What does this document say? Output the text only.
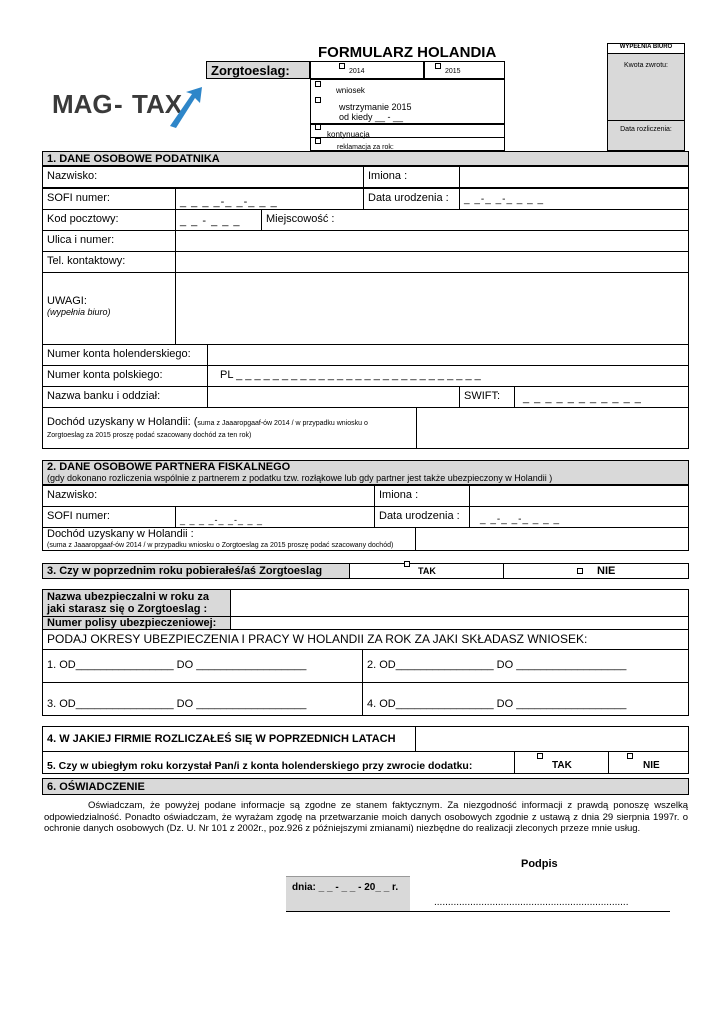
MAG - TAX
FORMULARZ HOLANDIA
Zorgtoeslag:	2014	2015
wniosek
wstrzymanie 2015
od kiedy __ - __
kontynuacja
reklamacja za rok:
WYPEŁNIA BIURO
Kwota zwrotu:
Data rozliczenia:
1. DANE OSOBOWE PODATNIKA
Nazwisko:	Imiona :
SOFI numer:	_ _ _ _-_ _-_ _ _	Data urodzenia :	_ _-_ _-_ _ _ _
Kod pocztowy:	_ _ - _ _ _	Miejscowość :
Ulica i numer:
Tel. kontaktowy:
UWAGI:
(wypełnia biuro)
Numer konta holenderskiego:
Numer konta polskiego:	PL _ _ _ _ _ _ _ _ _ _ _ _ _ _ _ _ _ _ _ _ _ _ _ _ _ _ _
Nazwa banku i oddział:	SWIFT:	_ _ _ _ _ _ _ _ _ _ _
Dochód uzyskany w Holandii: (suma z Jaaaropgaaf-ów 2014 / w przypadku wniosku o
Zorgtoeslag za 2015 proszę podać szacowany dochód za ten rok)
2. DANE OSOBOWE PARTNERA FISKALNEGO
(gdy dokonano rozliczenia wspólnie z partnerem z podatku tzw. rozłąkowe lub gdy partner jest także ubezpieczony w Holandii )
Nazwisko:	Imiona :
SOFI numer:	_ _ _ _-_ _-_ _ _	Data urodzenia :	_ _-_ _-_ _ _ _
Dochód uzyskany w Holandii :
(suma z Jaaaropgaaf-ów 2014 / w przypadku wniosku o Zorgtoeslag za 2015 proszę podać szacowany dochód)
3. Czy w poprzednim roku pobierałeś/aś Zorgtoeslag	TAK	NIE
Nazwa ubezpieczalni w roku za
jaki starasz się o Zorgtoeslag :
Numer polisy ubezpieczeniowej:
PODAJ OKRESY UBEZPIECZENIA I PRACY W HOLANDII ZA ROK ZA JAKI SKŁADASZ WNIOSEK:
1. OD________________ DO __________________	2. OD________________ DO __________________
3. OD________________ DO __________________	4. OD________________ DO __________________
4. W JAKIEJ FIRMIE ROZLICZAŁEŚ SIĘ W POPRZEDNICH LATACH
5. Czy w ubiegłym roku korzystał Pan/i z konta holenderskiego przy zwrocie dodatku:	TAK	NIE
6. OŚWIADCZENIE
Oświadczam, że powyżej podane informacje są zgodne ze stanem faktycznym. Za niezgodność informacji z prawdą ponoszę wszelką odpowiedzialność. Ponadto oświadczam, że wyrażam zgodę na przetwarzanie moich danych osobowych zgodnie z ustawą z dnia 29 sierpnia 1997r. o ochronie danych osobowych (Dz. U. Nr 101 z 2002r., poz.926 z późniejszymi zmianami) niezbędne do realizacji zleconych przeze mnie usług.
Podpis
dnia: _ _ - _ _ - 20_ _ r.
......................................................................
